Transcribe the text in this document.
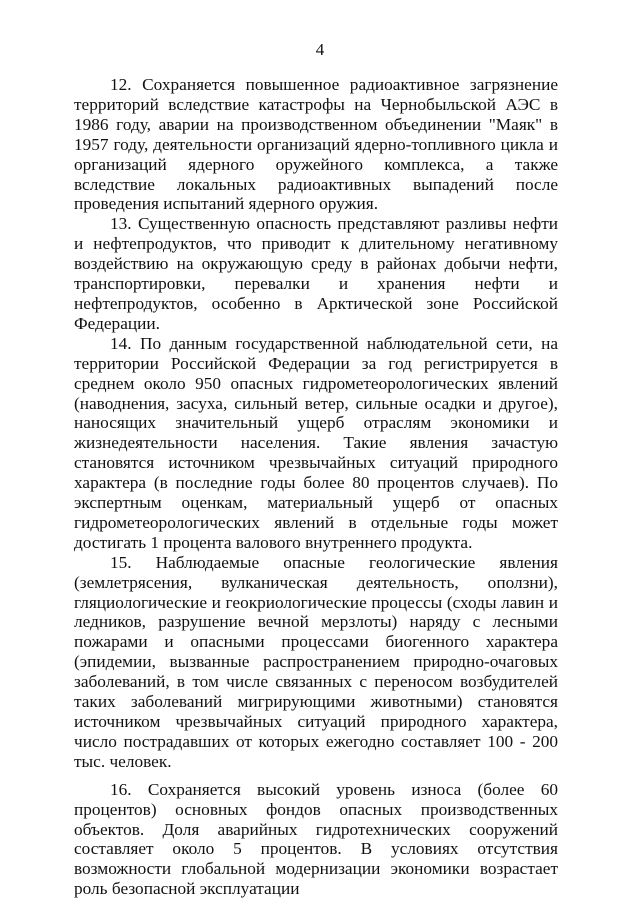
4

12. Сохраняется повышенное радиоактивное загрязнение территорий вследствие катастрофы на Чернобыльской АЭС в 1986 году, аварии на производственном объединении "Маяк" в 1957 году, деятельности организаций ядерно-топливного цикла и организаций ядерного оружейного комплекса, а также вследствие локальных радиоактивных выпадений после проведения испытаний ядерного оружия.

13. Существенную опасность представляют разливы нефти и нефтепродуктов, что приводит к длительному негативному воздействию на окружающую среду в районах добычи нефти, транспортировки, перевалки и хранения нефти и нефтепродуктов, особенно в Арктической зоне Российской Федерации.

14. По данным государственной наблюдательной сети, на территории Российской Федерации за год регистрируется в среднем около 950 опасных гидрометеорологических явлений (наводнения, засуха, сильный ветер, сильные осадки и другое), наносящих значительный ущерб отраслям экономики и жизнедеятельности населения. Такие явления зачастую становятся источником чрезвычайных ситуаций природного характера (в последние годы более 80 процентов случаев). По экспертным оценкам, материальный ущерб от опасных гидрометеорологических явлений в отдельные годы может достигать 1 процента валового внутреннего продукта.

15. Наблюдаемые опасные геологические явления (землетрясения, вулканическая деятельность, оползни), гляциологические и геокриологические процессы (сходы лавин и ледников, разрушение вечной мерзлоты) наряду с лесными пожарами и опасными процессами биогенного характера (эпидемии, вызванные распространением природно-очаговых заболеваний, в том числе связанных с переносом возбудителей таких заболеваний мигрирующими животными) становятся источником чрезвычайных ситуаций природного характера, число пострадавших от которых ежегодно составляет 100 - 200 тыс. человек.

16. Сохраняется высокий уровень износа (более 60 процентов) основных фондов опасных производственных объектов. Доля аварийных гидротехнических сооружений составляет около 5 процентов. В условиях отсутствия возможности глобальной модернизации экономики возрастает роль безопасной эксплуатации
